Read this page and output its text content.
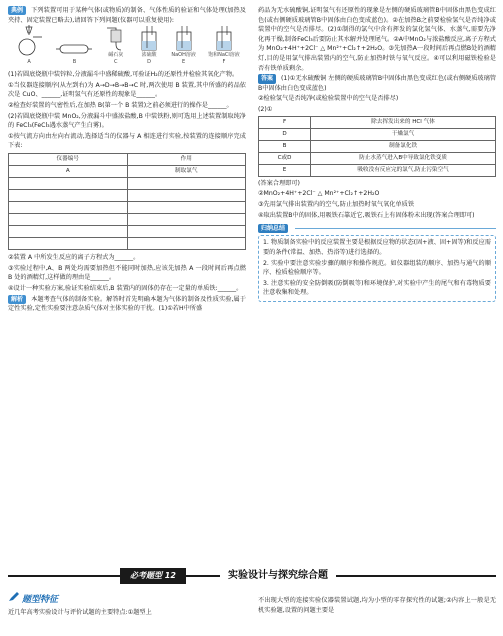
典例 下列装置可用于某种气体(或物质)的制备、气体性质的验证和气体处理(加热及夹持、固定装置已略去),请回答下列问题(仪器可以重复使用):

A	B
碱石灰
C
浓硫酸
D
NaOH溶液
E
饱和NaCl溶液
F

(1)若圆底烧瓶中装锌粒,分液漏斗中盛稀硫酸,可验证H₂的还原性并检验其氧化产物。

①当仪器连接顺序(从左到右)为 A→D→B→B→C 时,两次使用 B 装置,其中所盛的药品依次是 CuO、______,证明氢气有还原性的现象是______。

②检查好装置的气密性后,在加热 B(第一个 B 装置)之前必须进行的操作是______。

(2)若圆底烧瓶中装 MnO₂,分液漏斗中盛浓盐酸,B 中装铁粉,则可选用上述装置制取纯净的 FeCl₃(FeCl₃遇水蒸气产生白雾)。

①按气流方向由左向右流动,选择适当的仪器与 A 相连进行实验,按装置的连接顺序完成下表:

仪器编号	作用
A	制取氯气

②装置 A 中所发生反应的离子方程式为______。

③实验过程中,A、B 两处均需要加热但不能同时加热,应该先加热 A 一段时间后再点燃 B 处的酒精灯,这样做的理由是______。

④设计一种实验方案,验证实验结束后,B 装置内的固体仍存在一定量的单质铁:______。

解析 本题考查气体的制备实验。解答时首先明确本题为气体的制备及性质实验,属于定性实验,定性实验要注意杂质气体对主体实验的干扰。(1)①若H中所盛

药品为无水硫酸铜,证明氢气有还原性的现象是左侧的硬质玻璃管B中固体由黑色变成红色(或右侧硬质玻璃管B中固体由白色变成蓝色)。②在加热B之前要检验氢气是否纯净或装置中的空气是否排尽。(2)①制得的氯气中含有挥发的氯化氢气体、水蒸气,需要先净化再干燥,制备FeCl₃后要防止其水解并处理尾气。②A中MnO₂与浓盐酸反应,离子方程式为 MnO₂+4H⁺+2Cl⁻ △ Mn²⁺+Cl₂↑+2H₂O。③先加热A一段时间后再点燃B处的酒精灯,目的是用氯气排出装置内的空气,防止加热时铁与氧气反应。④可以利用磁铁检验是否有铁单质剩余。

答案 (1)①无水硫酸铜 左侧的硬质玻璃管B中固体由黑色变成红色(或右侧硬质玻璃管B中固体由白色变成蓝色)

②检验氢气是否纯净(或检验装置中的空气是否排尽)

(2)①

F	除去挥发出来的 HCl 气体
D	干燥氯气
B	制备氯化铁
C或D	防止水蒸气进入B中导致氯化铁变质
E	吸收没有反应完的氯气,防止污染空气

(答案合理即可)

②MnO₂+4H⁺+2Cl⁻ △ Mn²⁺+Cl₂↑+2H₂O

③先用氯气排出装置内的空气,防止加热时氧气氧化单质铁

④取出装置B中的固体,用吸铁石靠近它,吸铁石上有固体粉末出现(答案合理即可)

归纳总结

1. 物质制备实验中的反应装置主要是根据反应物的状态(固+液、固+固等)和反应需要的条件(常温、加热、热浴等)进行选择的。

2. 实验中要注意实验步骤的顺序和操作规范。如仪器组装的顺序、加热与通气的顺序、检质检验顺序等。

3. 注意实验的安全防倒吸(防倒吸等)和环境保护,对实验中产生的尾气和有毒物质要注意收集和处理。

必考题型 12	实验设计与探究综合题
题型特征

近几年高考实验设计与评价试题的主要特点:①题型上

不出现大型的连接实验仪器装置试题,均为小型的零存探究性的试题;②内容上一般是无机实验题,设置的问题主要是
